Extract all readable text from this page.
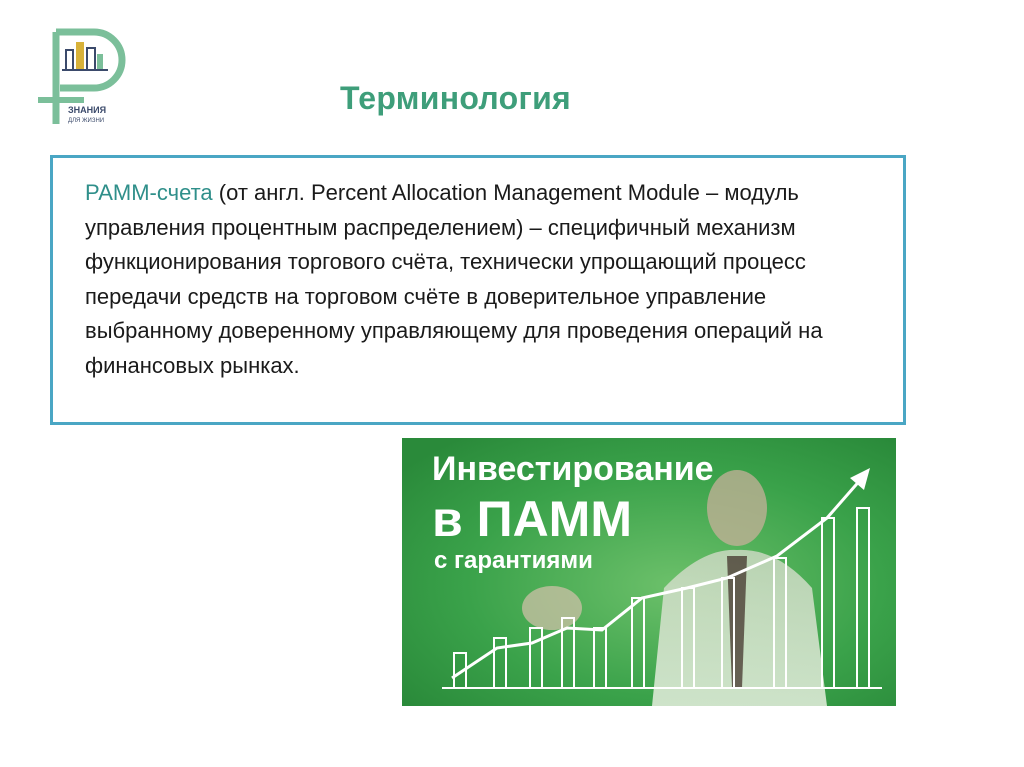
ЗНАНИЯ
ДЛЯ ЖИЗНИ
Терминология
РАММ-счета (от англ. Percent Allocation Management Module – модуль управления процентным распределением) – специфичный механизм функционирования торгового счёта, технически упрощающий процесс передачи средств на торговом счёте в доверительное управление выбранному доверенному управляющему для проведения операций на финансовых рынках.
Инвестирование
в ПАММ
с гарантиями
